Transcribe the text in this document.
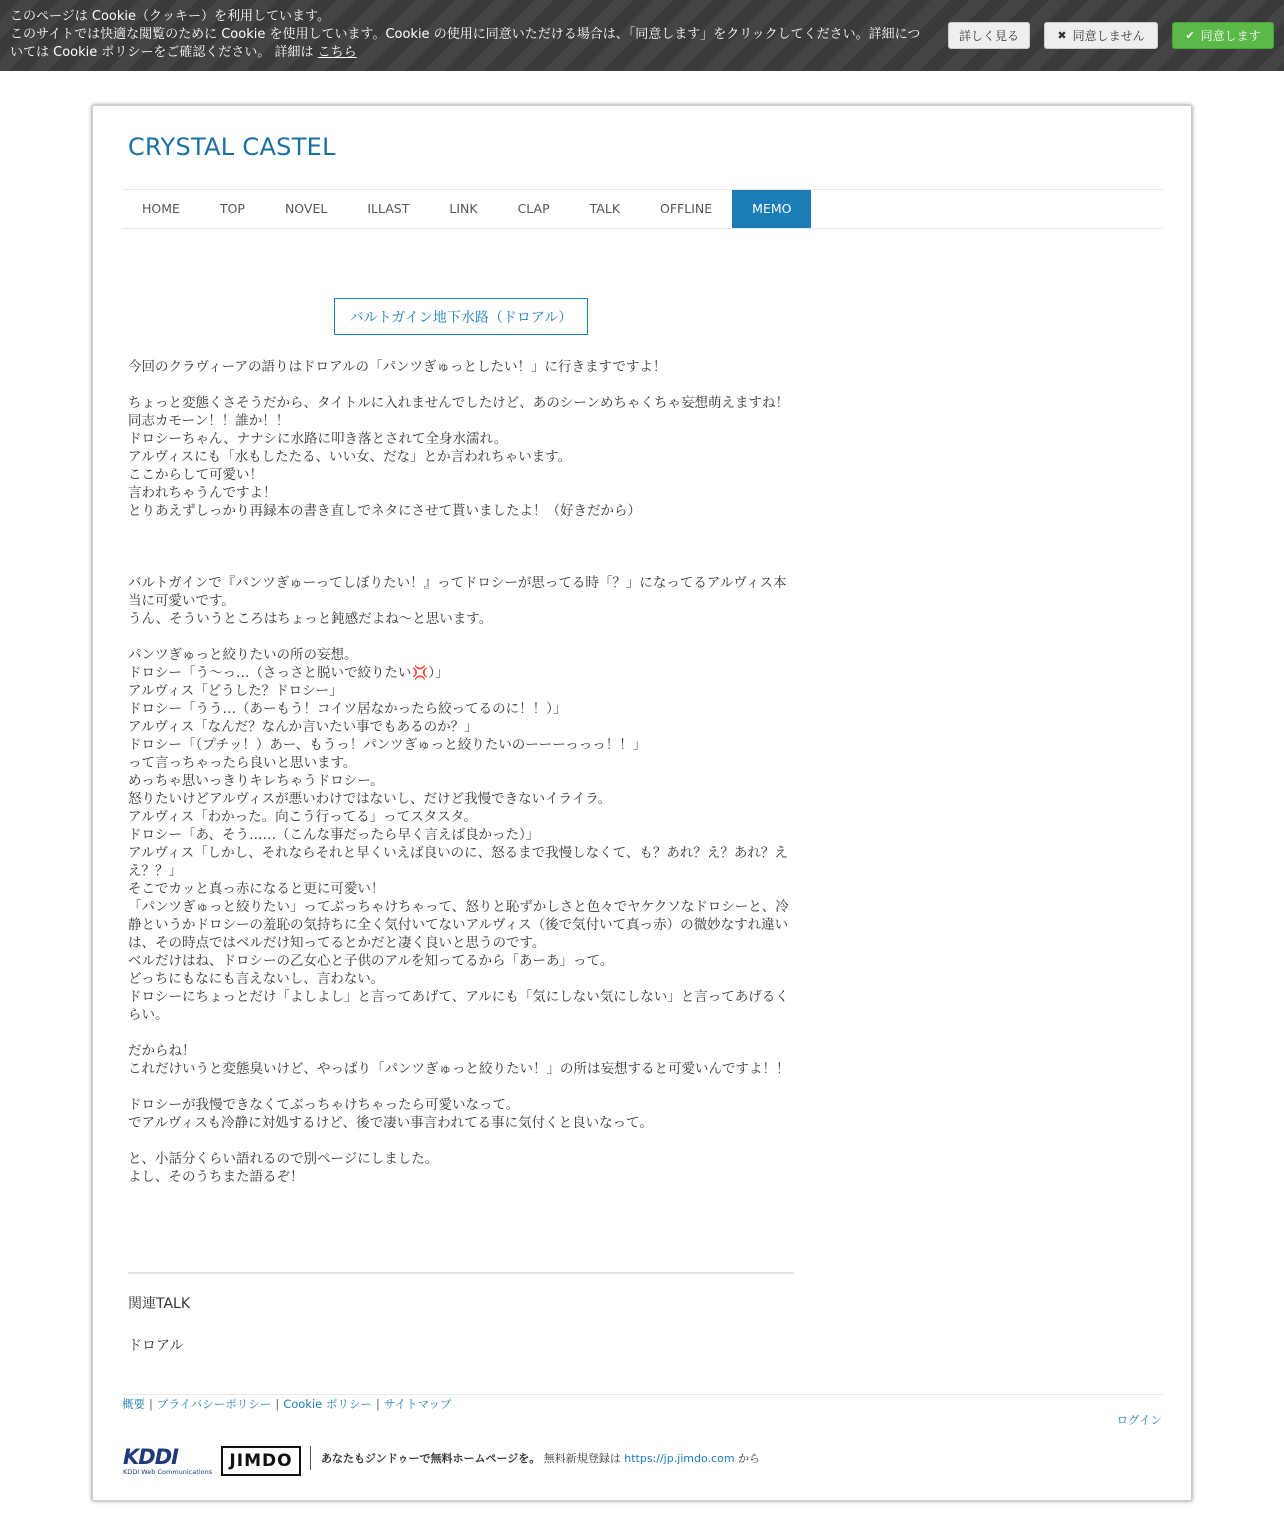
このページは Cookie（クッキー）を利用しています。
このサイトでは快適な閲覧のために Cookie を使用しています。Cookie の使用に同意いただける場合は、「同意します」をクリックしてください。詳細については Cookie ポリシーをご確認ください。 詳細は こちら
詳しく見る	✖ 同意しません	✔ 同意します
CRYSTAL CASTEL
HOME	TOP	NOVEL	ILLAST	LINK	CLAP	TALK	OFFLINE	MEMO
バルトガイン地下水路（ドロアル）

今回のクラヴィーアの語りはドロアルの「パンツぎゅっとしたい！」に行きますですよ！

ちょっと変態くさそうだから、タイトルに入れませんでしたけど、あのシーンめちゃくちゃ妄想萌えますね！

同志カモーン！！誰か！！

ドロシーちゃん、ナナシに水路に叩き落とされて全身水濡れ。

アルヴィスにも「水もしたたる、いい女、だな」とか言われちゃいます。

ここからして可愛い！

言われちゃうんですよ！

とりあえずしっかり再録本の書き直しでネタにさせて貰いましたよ！（好きだから）

バルトガインで『パンツぎゅーってしぼりたい！』ってドロシーが思ってる時「？」になってるアルヴィス本当に可愛いです。

うん、そういうところはちょっと鈍感だよね〜と思います。

パンツぎゅっと絞りたいの所の妄想。

ドロシー「う〜っ…（さっさと脱いで絞りたい💢）」

アルヴィス「どうした？ドロシー」

ドロシー「うう…（あーもう！コイツ居なかったら絞ってるのに！！）」

アルヴィス「なんだ？なんか言いたい事でもあるのか？」

ドロシー「（プチッ！）あー、もうっ！パンツぎゅっと絞りたいのーーーっっっ！！」

って言っちゃったら良いと思います。

めっちゃ思いっきりキレちゃうドロシー。

怒りたいけどアルヴィスが悪いわけではないし、だけど我慢できないイライラ。

アルヴィス「わかった。向こう行ってる」ってスタスタ。

ドロシー「あ、そう……（こんな事だったら早く言えば良かった）」

アルヴィス「しかし、それならそれと早くいえば良いのに、怒るまで我慢しなくて、も？あれ？え？あれ？ええ？？」

そこでカッと真っ赤になると更に可愛い！

「パンツぎゅっと絞りたい」ってぶっちゃけちゃって、怒りと恥ずかしさと色々でヤケクソなドロシーと、冷静というかドロシーの羞恥の気持ちに全く気付いてないアルヴィス（後で気付いて真っ赤）の微妙なすれ違いは、その時点ではベルだけ知ってるとかだと凄く良いと思うのです。

ベルだけはね、ドロシーの乙女心と子供のアルを知ってるから「あーあ」って。

どっちにもなにも言えないし、言わない。

ドロシーにちょっとだけ「よしよし」と言ってあげて、アルにも「気にしない気にしない」と言ってあげるくらい。

だからね！

これだけいうと変態臭いけど、やっぱり「パンツぎゅっと絞りたい！」の所は妄想すると可愛いんですよ！！

ドロシーが我慢できなくてぶっちゃけちゃったら可愛いなって。

でアルヴィスも冷静に対処するけど、後で凄い事言われてる事に気付くと良いなって。

と、小話分くらい語れるので別ページにしました。

よし、そのうちまた語るぞ！

関連TALK
ドロアル
概要 | プライバシーポリシー | Cookie ポリシー | サイトマップ
ログイン
KDDI
KDDI Web Communications
JIMDO	あなたもジンドゥーで無料ホームページを。 無料新規登録は https://jp.jimdo.com から
